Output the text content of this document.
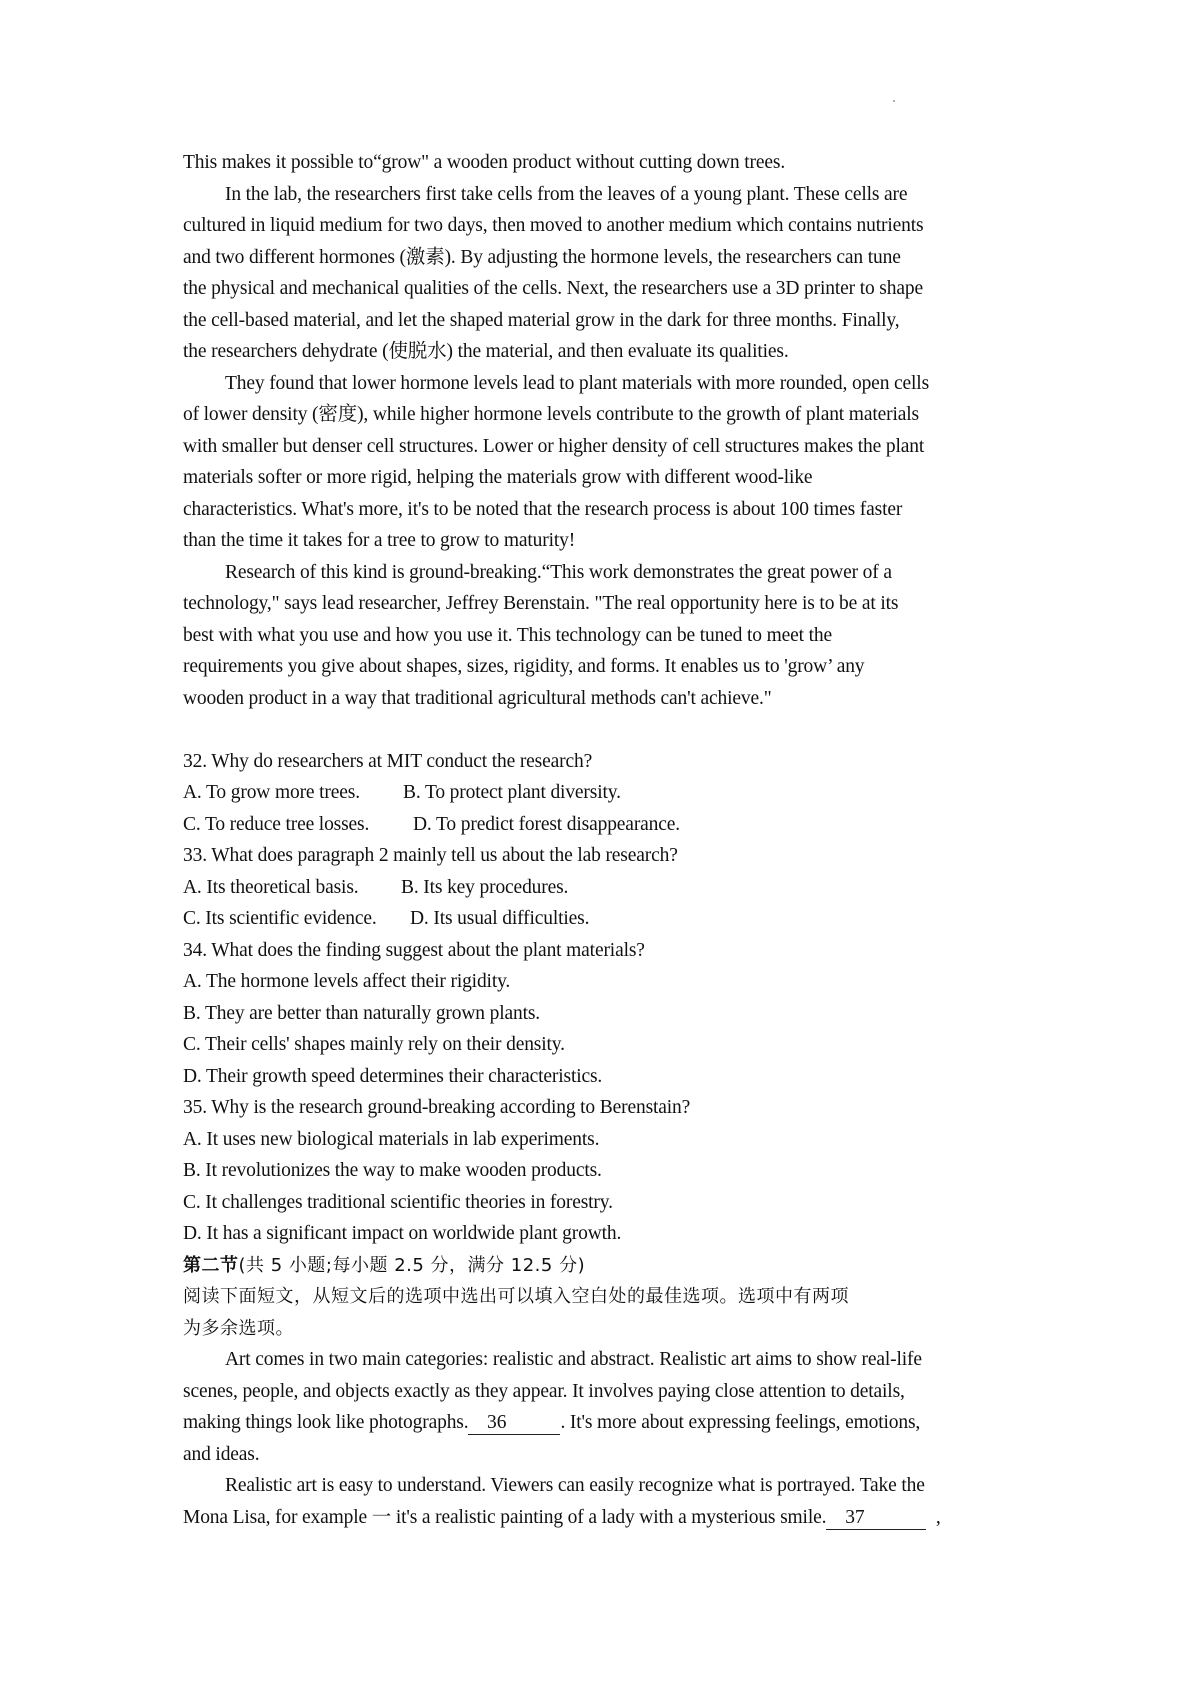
This makes it possible to“grow" a wooden product without cutting down trees.
In the lab, the researchers first take cells from the leaves of a young plant. These cells are
cultured in liquid medium for two days, then moved to another medium which contains nutrients
and two different hormones (激素). By adjusting the hormone levels, the researchers can tune
the physical and mechanical qualities of the cells. Next, the researchers use a 3D printer to shape
the cell-based material, and let the shaped material grow in the dark for three months. Finally,
the researchers dehydrate (使脱水) the material, and then evaluate its qualities.
They found that lower hormone levels lead to plant materials with more rounded, open cells
of lower density (密度), while higher hormone levels contribute to the growth of plant materials
with smaller but denser cell structures. Lower or higher density of cell structures makes the plant
materials softer or more rigid, helping the materials grow with different wood-like
characteristics. What's more, it's to be noted that the research process is about 100 times faster
than the time it takes for a tree to grow to maturity!
Research of this kind is ground-breaking.“This work demonstrates the great power of a
technology," says lead researcher, Jeffrey Berenstain. "The real opportunity here is to be at its
best with what you use and how you use it. This technology can be tuned to meet the
requirements you give about shapes, sizes, rigidity, and forms. It enables us to 'grow’ any
wooden product in a way that traditional agricultural methods can't achieve."
32. Why do researchers at MIT conduct the research?
A. To grow more trees.	B. To protect plant diversity.
C. To reduce tree losses.	D. To predict forest disappearance.
33. What does paragraph 2 mainly tell us about the lab research?
A. Its theoretical basis.	B. Its key procedures.
C. Its scientific evidence.	D. Its usual difficulties.
34. What does the finding suggest about the plant materials?
A. The hormone levels affect their rigidity.
B. They are better than naturally grown plants.
C. Their cells' shapes mainly rely on their density.
D. Their growth speed determines their characteristics.
35. Why is the research ground-breaking according to Berenstain?
A. It uses new biological materials in lab experiments.
B. It revolutionizes the way to make wooden products.
C. It challenges traditional scientific theories in forestry.
D. It has a significant impact on worldwide plant growth.
第二节(共 5 小题;每小题 2.5 分，满分 12.5 分)
阅读下面短文，从短文后的选项中选出可以填入空白处的最佳选项。选项中有两项
为多余选项。
Art comes in two main categories: realistic and abstract. Realistic art aims to show real-life
scenes, people, and objects exactly as they appear. It involves paying close attention to details,
making things look like photographs.  36	. It's more about expressing feelings, emotions,
and ideas.
Realistic art is easy to understand. Viewers can easily recognize what is portrayed. Take the
Mona Lisa, for example 一 it's a realistic painting of a lady with a mysterious smile. 37	 ,
